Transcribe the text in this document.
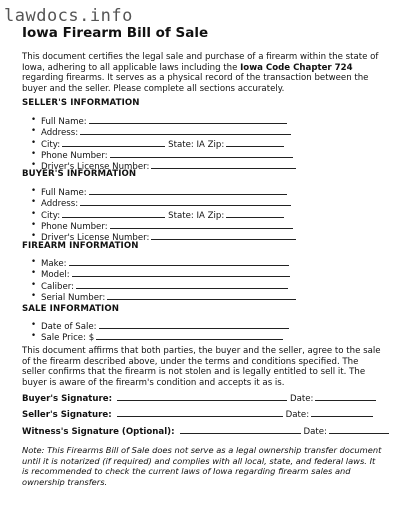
lawdocs.info
Iowa Firearm Bill of Sale
This document certifies the legal sale and purchase of a firearm within the state of Iowa, adhering to all applicable laws including the Iowa Code Chapter 724 regarding firearms. It serves as a physical record of the transaction between the buyer and the seller. Please complete all sections accurately.
SELLER'S INFORMATION
• Full Name:
• Address:
• City:	State: IA Zip:
• Phone Number:
• Driver's License Number:
BUYER'S INFORMATION
• Full Name:
• Address:
• City:	State: IA Zip:
• Phone Number:
• Driver's License Number:
FIREARM INFORMATION
• Make:
• Model:
• Caliber:
• Serial Number:
SALE INFORMATION
• Date of Sale:
• Sale Price: $
This document affirms that both parties, the buyer and the seller, agree to the sale of the firearm described above, under the terms and conditions specified. The seller confirms that the firearm is not stolen and is legally entitled to sell it. The buyer is aware of the firearm's condition and accepts it as is.
Buyer's Signature:	Date:
Seller's Signature:	Date:
Witness's Signature (Optional):	Date:
Note: This Firearms Bill of Sale does not serve as a legal ownership transfer document until it is notarized (if required) and complies with all local, state, and federal laws. It is recommended to check the current laws of Iowa regarding firearm sales and ownership transfers.
